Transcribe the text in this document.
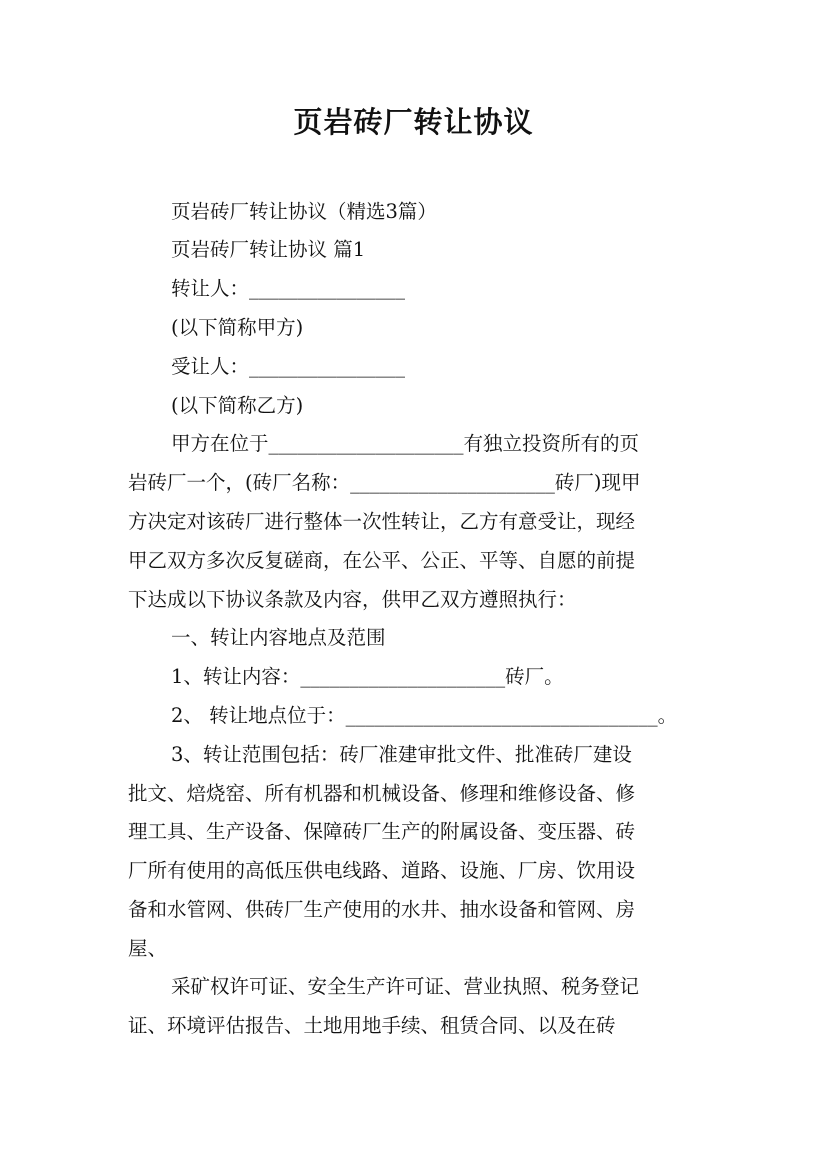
页岩砖厂转让协议
页岩砖厂转让协议（精选3篇）
页岩砖厂转让协议 篇1
转让人：________________
(以下简称甲方)
受让人：________________
(以下简称乙方)
甲方在位于____________________有独立投资所有的页
岩砖厂一个，(砖厂名称：_____________________砖厂)现甲
方决定对该砖厂进行整体一次性转让，乙方有意受让，现经
甲乙双方多次反复磋商，在公平、公正、平等、自愿的前提
下达成以下协议条款及内容，供甲乙双方遵照执行：
一、转让内容地点及范围
1、转让内容：_____________________砖厂。
2、 转让地点位于：________________________________。
3、转让范围包括：砖厂准建审批文件、批准砖厂建设
批文、焙烧窑、所有机器和机械设备、修理和维修设备、修
理工具、生产设备、保障砖厂生产的附属设备、变压器、砖
厂所有使用的高低压供电线路、道路、设施、厂房、饮用设
备和水管网、供砖厂生产使用的水井、抽水设备和管网、房
屋、
采矿权许可证、安全生产许可证、营业执照、税务登记
证、环境评估报告、土地用地手续、租赁合同、以及在砖
